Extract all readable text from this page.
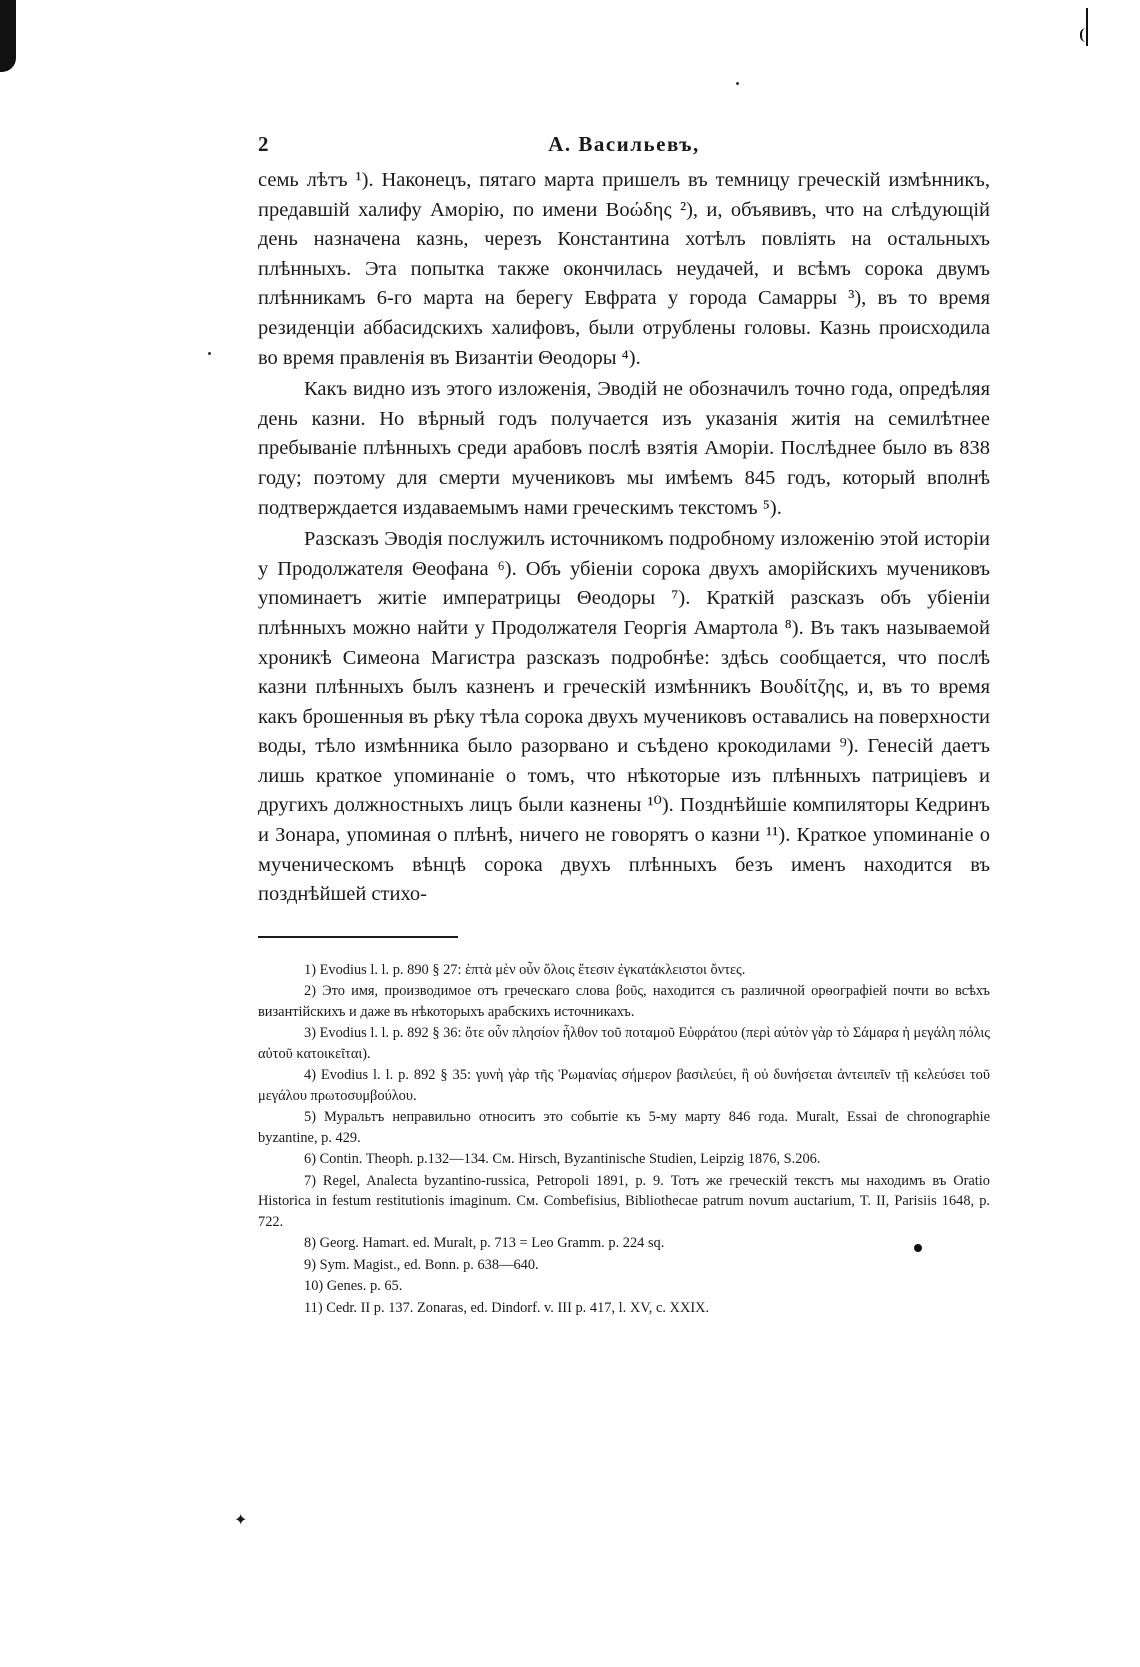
✦
2	А. Васильевъ,

семь лѣтъ ¹). Наконецъ, пятаго марта пришелъ въ темницу греческій измѣнникъ, предавшій халифу Аморію, по имени Βοώδης ²), и, объявивъ, что на слѣдующій день назначена казнь, черезъ Константина хотѣлъ повліять на остальныхъ плѣнныхъ. Эта попытка также окончилась неудачей, и всѣмъ сорока двумъ плѣнникамъ 6-го марта на берегу Евфрата у города Самарры ³), въ то время резиденціи аббасидскихъ халифовъ, были отрублены головы. Казнь происходила во время правленія въ Византіи Θеодоры ⁴).

Какъ видно изъ этого изложенія, Эводій не обозначилъ точно года, опредѣляя день казни. Но вѣрный годъ получается изъ указанія житія на семилѣтнее пребываніе плѣнныхъ среди арабовъ послѣ взятія Аморіи. Послѣднее было въ 838 году; поэтому для смерти мучениковъ мы имѣемъ 845 годъ, который вполнѣ подтверждается издаваемымъ нами греческимъ текстомъ ⁵).

Разсказъ Эводія послужилъ источникомъ подробному изложенію этой исторіи у Продолжателя Θеофана ⁶). Объ убіеніи сорока двухъ аморійскихъ мучениковъ упоминаетъ житіе императрицы Θеодоры ⁷). Краткій разсказъ объ убіеніи плѣнныхъ можно найти у Продолжателя Георгія Амартола ⁸). Въ такъ называемой хроникѣ Симеона Магистра разсказъ подробнѣе: здѣсь сообщается, что послѣ казни плѣнныхъ былъ казненъ и греческій измѣнникъ Βουδίτζης, и, въ то время какъ брошенныя въ рѣку тѣла сорока двухъ мучениковъ оставались на поверхности воды, тѣло измѣнника было разорвано и съѣдено крокодилами ⁹). Генесій даетъ лишь краткое упоминаніе о томъ, что нѣкоторые изъ плѣнныхъ патриціевъ и другихъ должностныхъ лицъ были казнены ¹⁰). Позднѣйшіе компиляторы Кедринъ и Зонара, упоминая о плѣнѣ, ничего не говорятъ о казни ¹¹). Краткое упоминаніе о мученическомъ вѣнцѣ сорока двухъ плѣнныхъ безъ именъ находится въ позднѣйшей стихо-

1) Evodius l. l. p. 890 § 27: ἑπτὰ μὲν οὖν ὅλοις ἔτεσιν ἐγκατάκλειστοι ὄντες.

2) Это имя, производимое отъ греческаго слова βοῦς, находится съ различной орѳографіей почти во всѣхъ византійскихъ и даже въ нѣкоторыхъ арабскихъ источникахъ.

3) Evodius l. l. p. 892 § 36: ὅτε οὖν πλησίον ἦλθον τοῦ ποταμοῦ Εὐφράτου (περὶ αὐτὸν γὰρ τὸ Σάμαρα ἡ μεγάλη πόλις αὐτοῦ κατοικεῖται).

4) Evodius l. l. p. 892 § 35: γυνὴ γὰρ τῆς Ῥωμανίας σήμερον βασιλεύει, ἣ οὐ δυνήσεται ἀντειπεῖν τῇ κελεύσει τοῦ μεγάλου πρωτοσυμβούλου.

5) Муральтъ неправильно относитъ это событіе къ 5-му марту 846 года. Muralt, Essai de chronographie byzantine, p. 429.

6) Contin. Theoph. p.132—134. См. Hirsch, Byzantinische Studien, Leipzig 1876, S.206.

7) Regel, Analecta byzantino-russica, Petropoli 1891, p. 9. Тотъ же греческій текстъ мы находимъ въ Oratio Historica in festum restitutionis imaginum. См. Combefisius, Bibliothecae patrum novum auctarium, T. II, Parisiis 1648, p. 722.

8) Georg. Hamart. ed. Muralt, p. 713 = Leo Gramm. p. 224 sq.

9) Sym. Magist., ed. Bonn. p. 638—640.

10) Genes. p. 65.

11) Cedr. II p. 137. Zonaras, ed. Dindorf. v. III p. 417, l. XV, c. XXIX.
